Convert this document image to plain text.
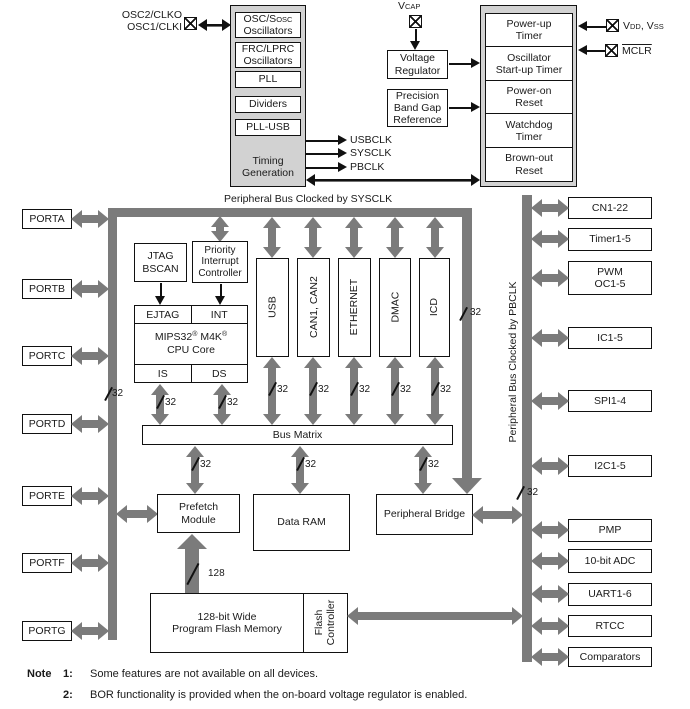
OSC2/CLKO
OSC1/CLKI
OSC/SOSC
Oscillators
FRC/LPRC
Oscillators
PLL
Dividers
PLL-USB
Timing
Generation
USBCLK
SYSCLK
PBCLK
VCAP
Voltage
Regulator
Precision
Band Gap
Reference
Power-up
Timer
Oscillator
Start-up Timer
Power-on
Reset
Watchdog
Timer
Brown-out
Reset
VDD, VSS
MCLR
Peripheral Bus Clocked by SYSCLK
Peripheral Bus Clocked by PBCLK
32
32
32
PORTA
PORTB
PORTC
PORTD
PORTE
PORTF
PORTG
JTAG
BSCAN
Priority
Interrupt
Controller
EJTAG	INT
MIPS32® M4K®
CPU Core
IS	DS
32	32
USB	CAN1, CAN2	ETHERNET	DMAC	ICD
32	32	32	32	32
Bus Matrix
32	32	32
Prefetch
Module	Data RAM
Peripheral Bridge
128
128-bit Wide
Program Flash Memory	Flash
Controller
CN1-22
Timer1-5
PWM
OC1-5
IC1-5
SPI1-4
I2C1-5
PMP
10-bit ADC
UART1-6
RTCC
Comparators
Note 1: Some features are not available on all devices.
2: BOR functionality is provided when the on-board voltage regulator is enabled.
